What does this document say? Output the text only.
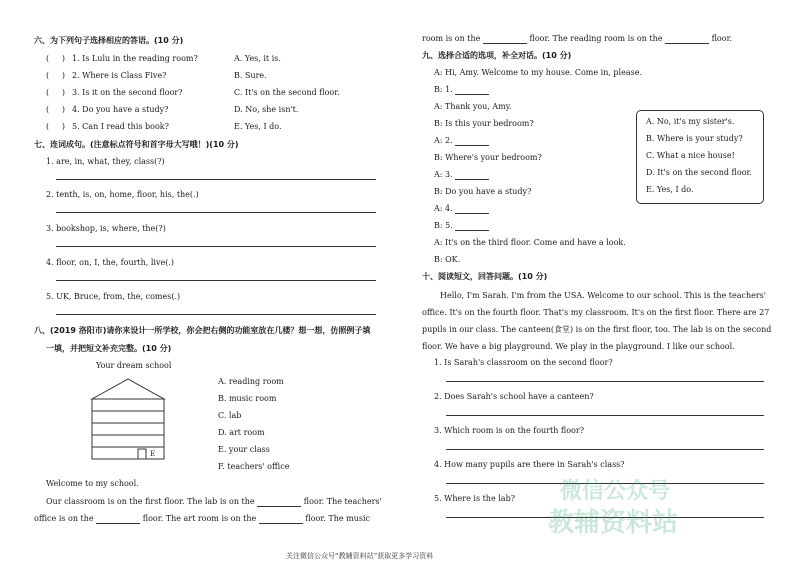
六、为下列句子选择相应的答语。(10 分)
( ) 1. Is Lulu in the reading room?	A. Yes, it is.
( ) 2. Where is Class Five?	B. Sure.
( ) 3. Is it on the second floor?	C. It's on the second floor.
( ) 4. Do you have a study?	D. No, she isn't.
( ) 5. Can I read this book?	E. Yes, I do.
七、连词成句。(注意标点符号和首字母大写哦！)(10 分)
1. are, in, what, they, class(?)
2. tenth, is, on, home, floor, his, the(.)
3. bookshop, is, where, the(?)
4. floor, on, I, the, fourth, live(.)
5. UK, Bruce, from, the, comes(.)
八、(2019 洛阳市)请你来设计一所学校，你会把右侧的功能室放在几楼？想一想，仿照例子填
一填，并把短文补充完整。(10 分)
Your dream school
E
A. reading room
B. music room
C. lab
D. art room
E. your class
F. teachers' office
Welcome to my school.
Our classroom is on the first floor. The lab is on the	floor. The teachers'
office is on the	floor. The art room is on the	floor. The music
room is on the	floor. The reading room is on the	floor.
九、选择合适的选项，补全对话。(10 分)
A: Hi, Amy. Welcome to my house. Come in, please.
B: 1.
A: Thank you, Amy.
B: Is this your bedroom?
A: 2.
B: Where's your bedroom?
A: 3.
B: Do you have a study?
A: 4.
B: 5.
A: It's on the third floor. Come and have a look.
B: OK.
A. No, it's my sister's.
B. Where is your study?
C. What a nice house!
D. It's on the second floor.
E. Yes, I do.
十、阅读短文，回答问题。(10 分)
Hello, I'm Sarah. I'm from the USA. Welcome to our school. This is the teachers'
office. It's on the fourth floor. That's my classroom. It's on the first floor. There are 27
pupils in our class. The canteen(食堂) is on the first floor, too. The lab is on the second
floor. We have a big playground. We play in the playground. I like our school.
1. Is Sarah's classroom on the second floor?
2. Does Sarah's school have a canteen?
3. Which room is on the fourth floor?
4. How many pupils are there in Sarah's class?
5. Where is the lab? 微信公众号
教辅资料站
关注微信公众号“教辅资料站”获取更多学习资料
